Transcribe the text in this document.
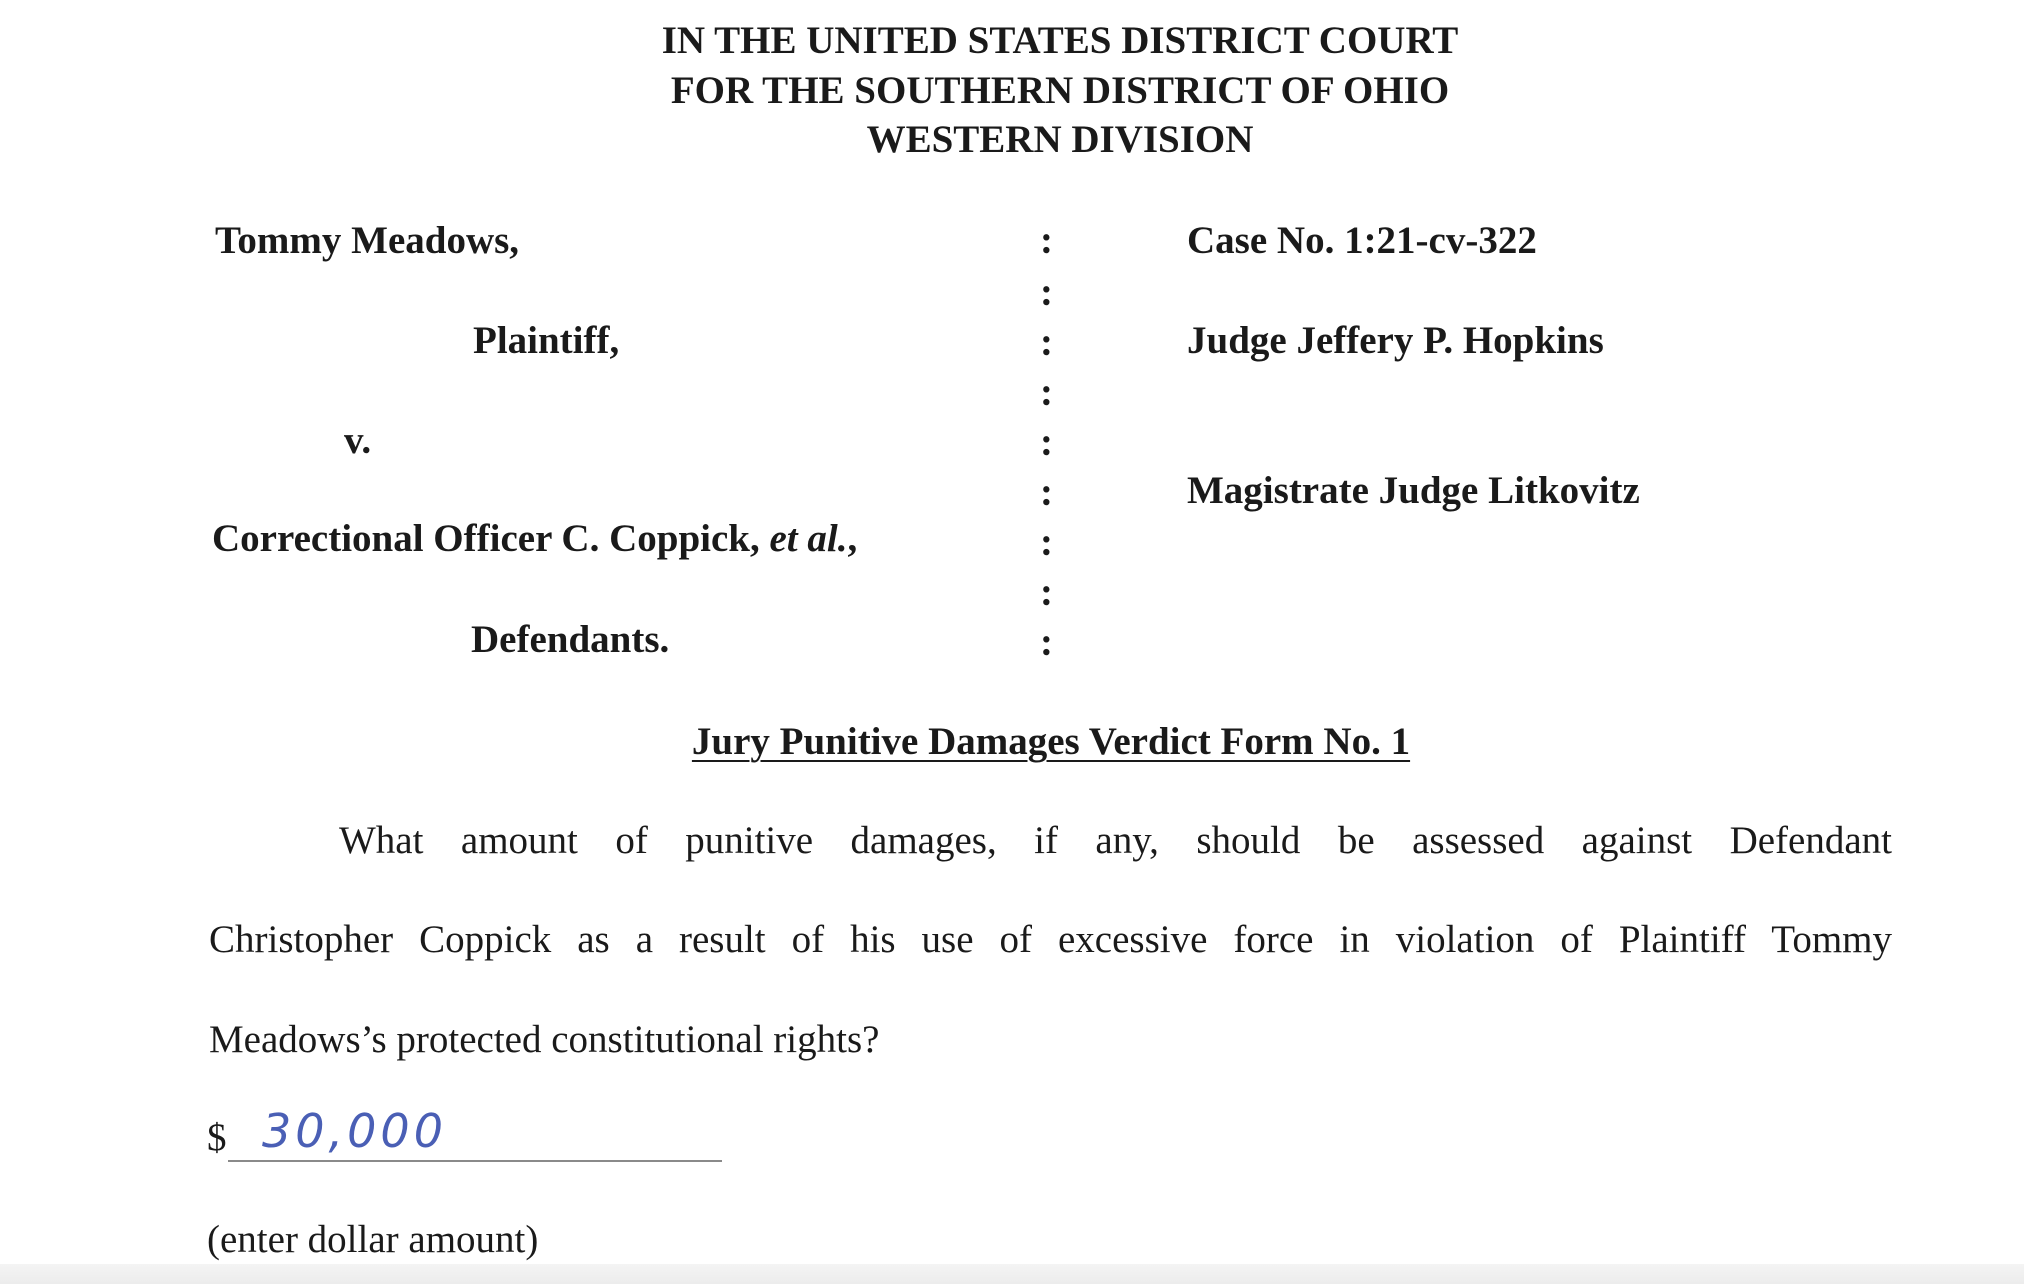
IN THE UNITED STATES DISTRICT COURT
FOR THE SOUTHERN DISTRICT OF OHIO
WESTERN DIVISION
Tommy Meadows,
Plaintiff,
v.
Correctional Officer C. Coppick, et al.,
Defendants.
:
:
:
:
:
:
:
:
:
Case No. 1:21-cv-322
Judge Jeffery P. Hopkins
Magistrate Judge Litkovitz
Jury Punitive Damages Verdict Form No. 1
What amount of punitive damages, if any, should be assessed against Defendant
Christopher Coppick as a result of his use of excessive force in violation of Plaintiff Tommy
Meadows’s protected constitutional rights?
$ 30,000
(enter dollar amount)
